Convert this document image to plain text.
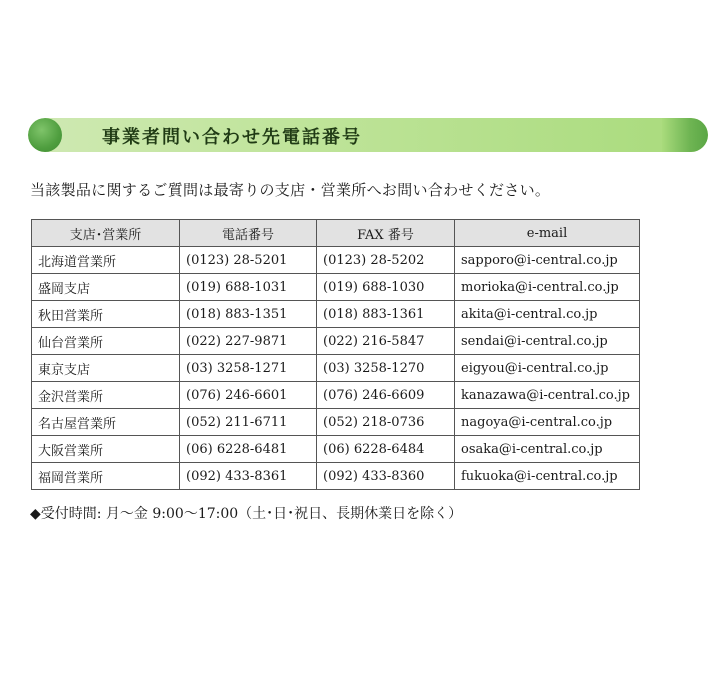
事業者問い合わせ先電話番号
当該製品に関するご質問は最寄りの支店・営業所へお問い合わせください。
支店･営業所	電話番号	FAX 番号	e-mail
北海道営業所	(0123) 28-5201	(0123) 28-5202	sapporo@i-central.co.jp
盛岡支店	(019) 688-1031	(019) 688-1030	morioka@i-central.co.jp
秋田営業所	(018) 883-1351	(018) 883-1361	akita@i-central.co.jp
仙台営業所	(022) 227-9871	(022) 216-5847	sendai@i-central.co.jp
東京支店	(03) 3258-1271	(03) 3258-1270	eigyou@i-central.co.jp
金沢営業所	(076) 246-6601	(076) 246-6609	kanazawa@i-central.co.jp
名古屋営業所	(052) 211-6711	(052) 218-0736	nagoya@i-central.co.jp
大阪営業所	(06) 6228-6481	(06) 6228-6484	osaka@i-central.co.jp
福岡営業所	(092) 433-8361	(092) 433-8360	fukuoka@i-central.co.jp
◆受付時間: 月～金 9:00～17:00（土･日･祝日、長期休業日を除く）
